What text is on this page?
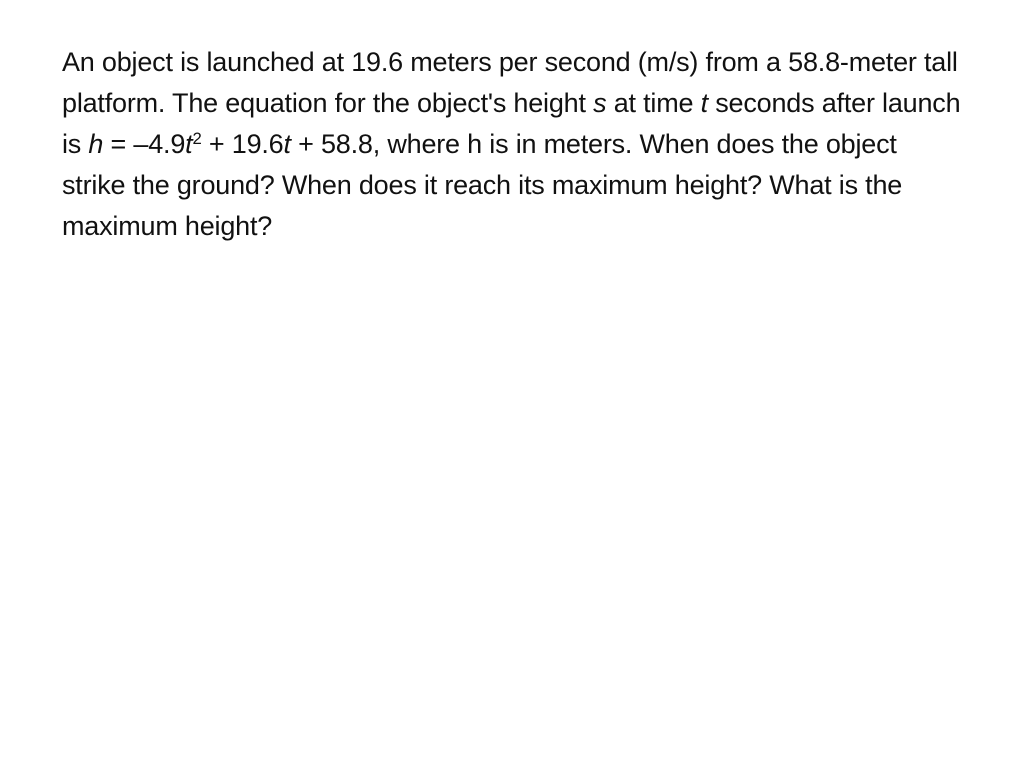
An object is launched at 19.6 meters per second (m/s) from a 58.8-meter tall platform. The equation for the object's height s at time t seconds after launch is $h = -4.9t^2 + 19.6t + 58.8$, where h is in meters. When does the object strike the ground? When does it reach its maximum height? What is the maximum height?
